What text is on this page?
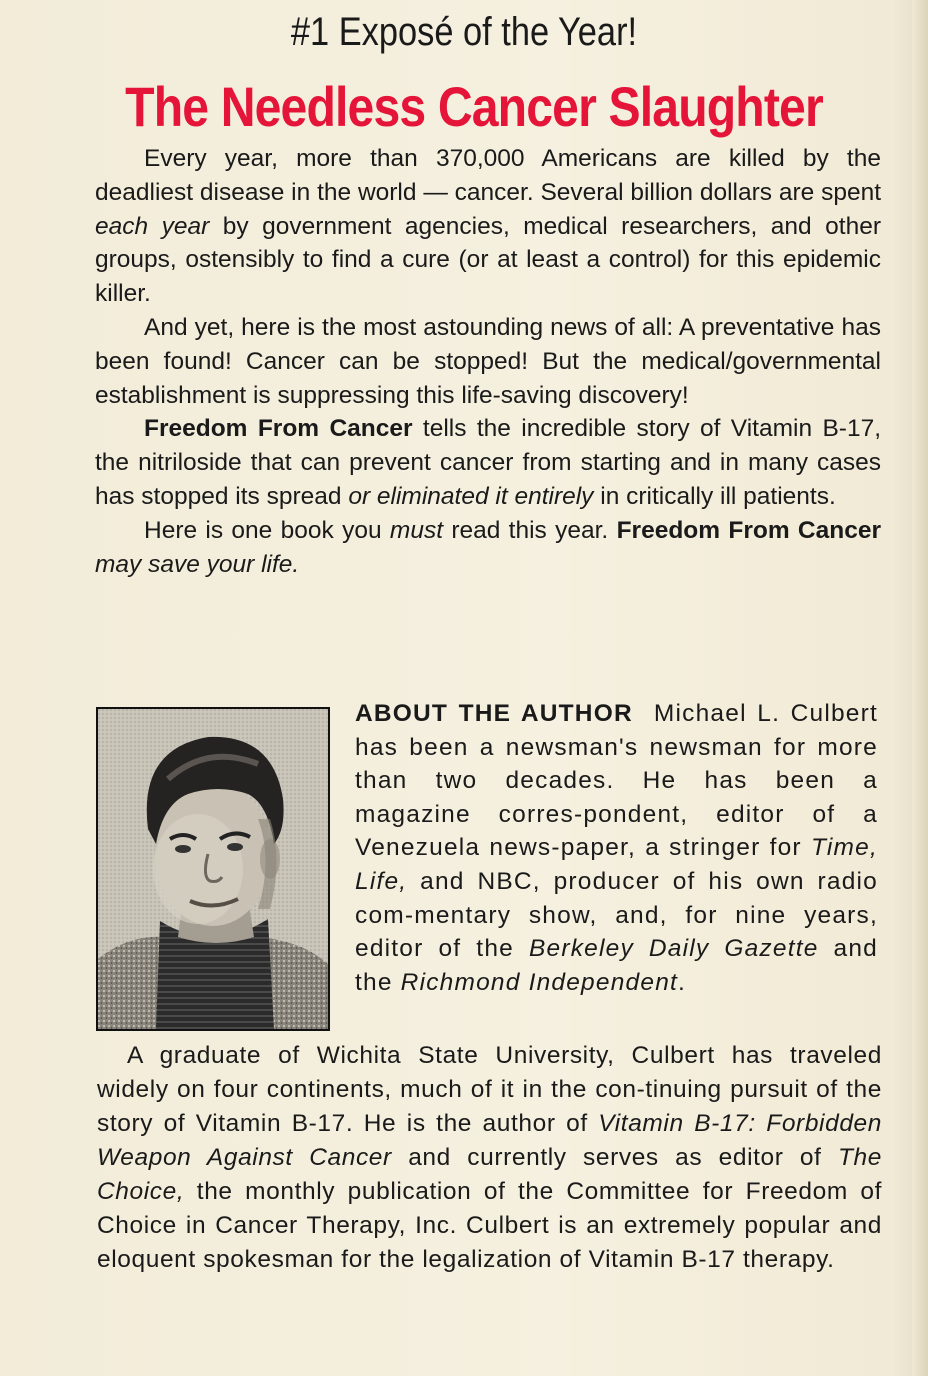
#1 Exposé of the Year!
The Needless Cancer Slaughter

Every year, more than 370,000 Americans are killed by the deadliest disease in the world — cancer. Several billion dollars are spent each year by government agencies, medical researchers, and other groups, ostensibly to find a cure (or at least a control) for this epidemic killer.

And yet, here is the most astounding news of all: A preventative has been found! Cancer can be stopped! But the medical/governmental establishment is suppressing this life-saving discovery!

Freedom From Cancer tells the incredible story of Vitamin B-17, the nitriloside that can prevent cancer from starting and in many cases has stopped its spread or eliminated it entirely in critically ill patients.

Here is one book you must read this year. Freedom From Cancer may save your life.

ABOUT THE AUTHOR Michael L. Culbert has been a newsman's newsman for more than two decades. He has been a magazine corres-pondent, editor of a Venezuela news-paper, a stringer for Time, Life, and NBC, producer of his own radio com-mentary show, and, for nine years, editor of the Berkeley Daily Gazette and the Richmond Independent.

A graduate of Wichita State University, Culbert has traveled widely on four continents, much of it in the con-tinuing pursuit of the story of Vitamin B-17. He is the author of Vitamin B-17: Forbidden Weapon Against Cancer and currently serves as editor of The Choice, the monthly publication of the Committee for Freedom of Choice in Cancer Therapy, Inc. Culbert is an extremely popular and eloquent spokesman for the legalization of Vitamin B-17 therapy.
